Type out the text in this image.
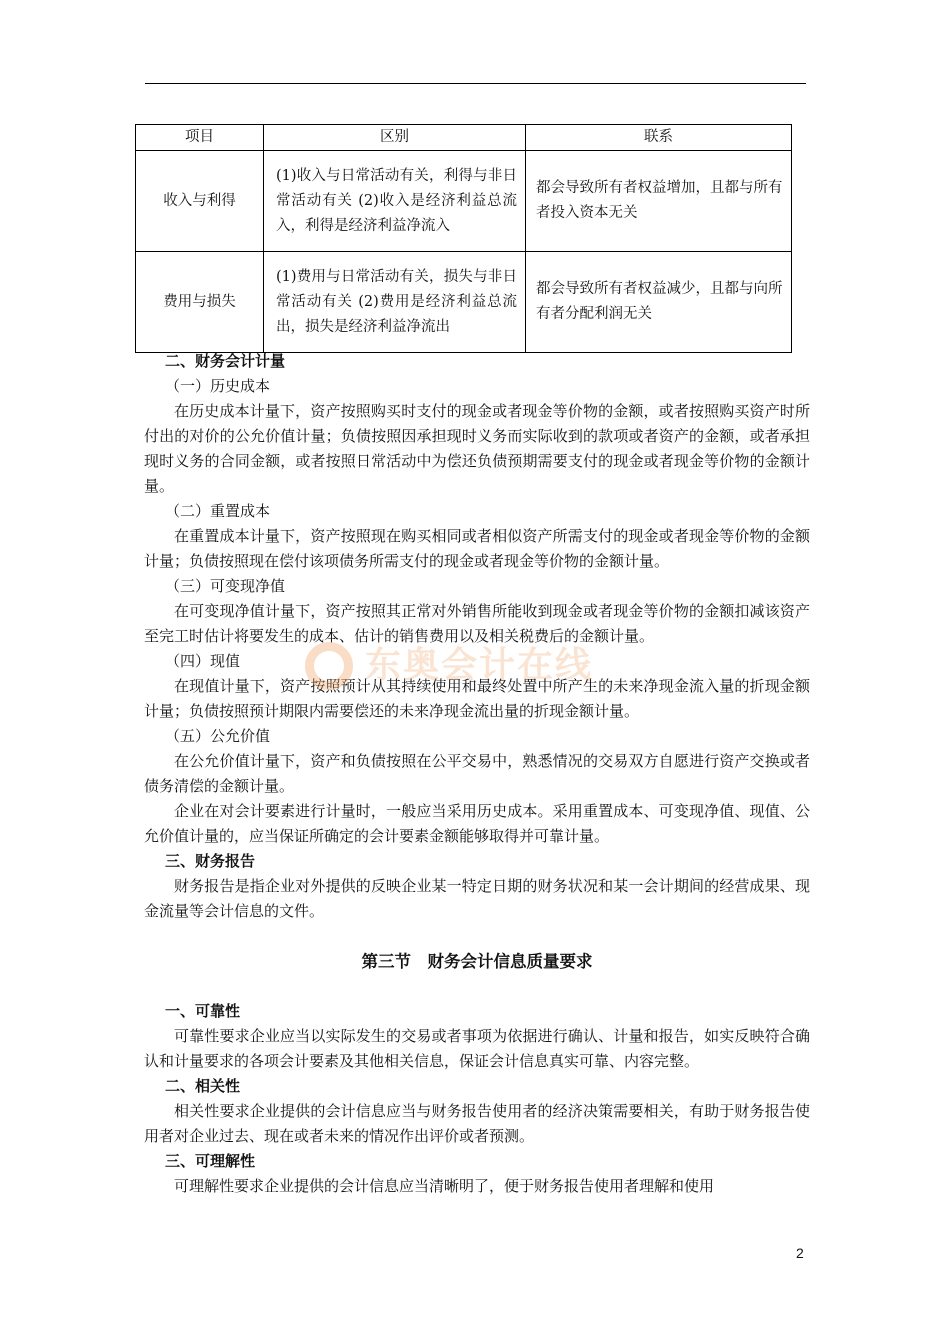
项目	区别	联系
收入与利得	(1)收入与日常活动有关，利得与非日常活动有关 (2)收入是经济利益总流入，利得是经济利益净流入	都会导致所有者权益增加，且都与所有者投入资本无关
费用与损失	(1)费用与日常活动有关，损失与非日常活动有关 (2)费用是经济利益总流出，损失是经济利益净流出	都会导致所有者权益减少，且都与向所有者分配利润无关

二、财务会计计量

（一）历史成本

在历史成本计量下，资产按照购买时支付的现金或者现金等价物的金额，或者按照购买资产时所付出的对价的公允价值计量；负债按照因承担现时义务而实际收到的款项或者资产的金额，或者承担现时义务的合同金额，或者按照日常活动中为偿还负债预期需要支付的现金或者现金等价物的金额计量。

（二）重置成本

在重置成本计量下，资产按照现在购买相同或者相似资产所需支付的现金或者现金等价物的金额计量；负债按照现在偿付该项债务所需支付的现金或者现金等价物的金额计量。

（三）可变现净值

在可变现净值计量下，资产按照其正常对外销售所能收到现金或者现金等价物的金额扣减该资产至完工时估计将要发生的成本、估计的销售费用以及相关税费后的金额计量。

（四）现值

在现值计量下，资产按照预计从其持续使用和最终处置中所产生的未来净现金流入量的折现金额计量；负债按照预计期限内需要偿还的未来净现金流出量的折现金额计量。

（五）公允价值

在公允价值计量下，资产和负债按照在公平交易中，熟悉情况的交易双方自愿进行资产交换或者债务清偿的金额计量。

企业在对会计要素进行计量时，一般应当采用历史成本。采用重置成本、可变现净值、现值、公允价值计量的，应当保证所确定的会计要素金额能够取得并可靠计量。

三、财务报告

财务报告是指企业对外提供的反映企业某一特定日期的财务状况和某一会计期间的经营成果、现金流量等会计信息的文件。

第三节　财务会计信息质量要求

一、可靠性

可靠性要求企业应当以实际发生的交易或者事项为依据进行确认、计量和报告，如实反映符合确认和计量要求的各项会计要素及其他相关信息，保证会计信息真实可靠、内容完整。

二、相关性

相关性要求企业提供的会计信息应当与财务报告使用者的经济决策需要相关，有助于财务报告使用者对企业过去、现在或者未来的情况作出评价或者预测。

三、可理解性

可理解性要求企业提供的会计信息应当清晰明了，便于财务报告使用者理解和使用

东奥会计在线
2
